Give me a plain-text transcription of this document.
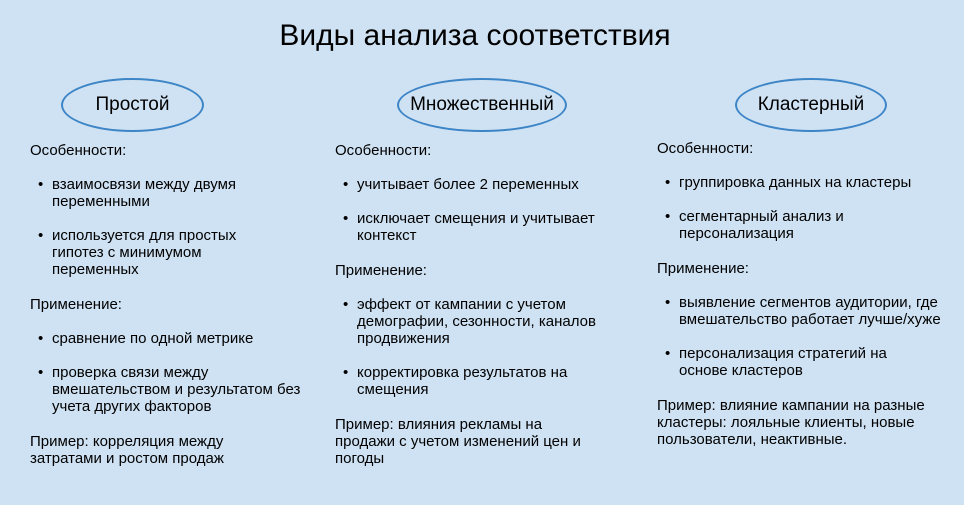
Виды анализа соответствия
Простой
Особенности:
• взаимосвязи между двумя переменными
• используется для простых гипотез с минимумом переменных
Применение:
• сравнение по одной метрике
• проверка связи между вмешательством и результатом без учета других факторов
Пример: корреляция между затратами и ростом продаж
Множественный
Особенности:
• учитывает более 2 переменных
• исключает смещения и учитывает контекст
Применение:
• эффект от кампании с учетом демографии, сезонности, каналов продвижения
• корректировка результатов на смещения
Пример: влияния рекламы на продажи с учетом изменений цен и погоды
Кластерный
Особенности:
• группировка данных на кластеры
• сегментарный анализ и персонализация
Применение:
• выявление сегментов аудитории, где вмешательство работает лучше/хуже
• персонализация стратегий на основе кластеров
Пример: влияние кампании на разные кластеры: лояльные клиенты, новые пользователи, неактивные.
